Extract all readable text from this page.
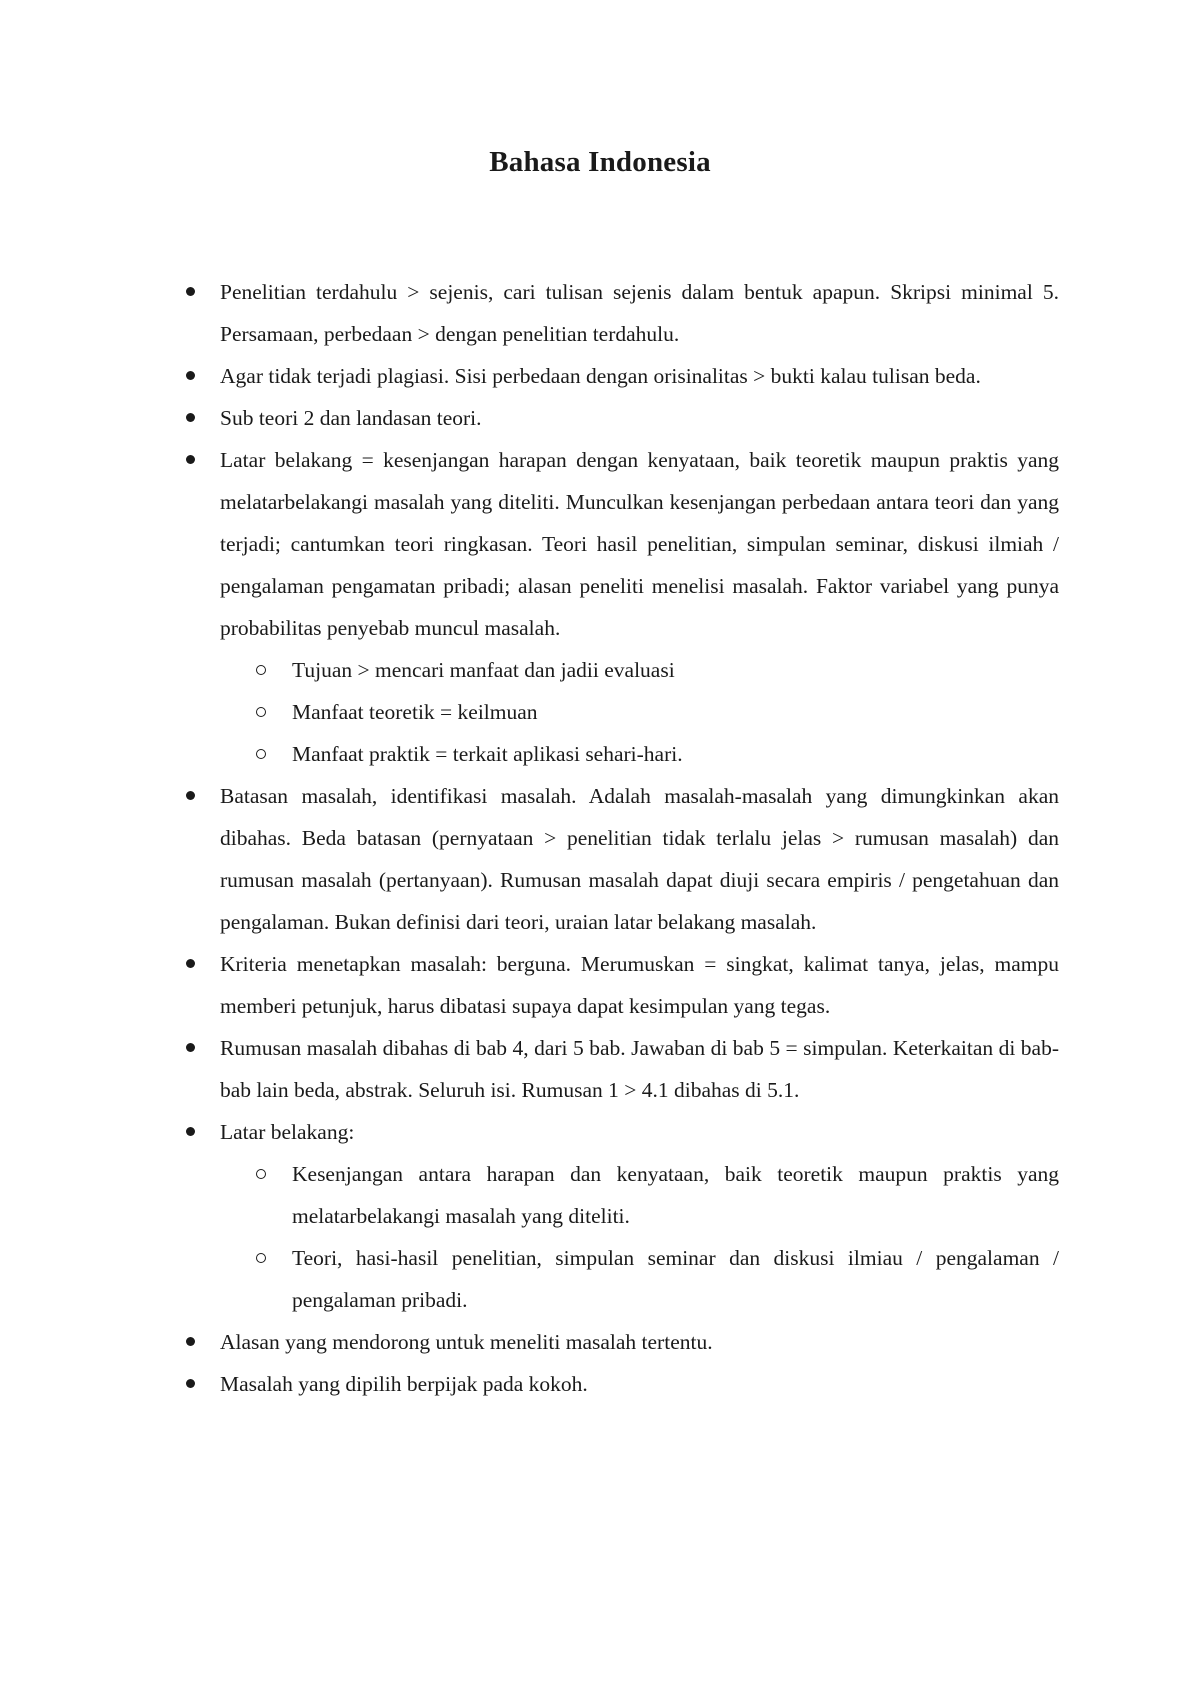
Bahasa Indonesia
Penelitian terdahulu > sejenis, cari tulisan sejenis dalam bentuk apapun. Skripsi minimal 5. Persamaan, perbedaan > dengan penelitian terdahulu.
Agar tidak terjadi plagiasi. Sisi perbedaan dengan orisinalitas > bukti kalau tulisan beda.
Sub teori 2 dan landasan teori.
Latar belakang = kesenjangan harapan dengan kenyataan, baik teoretik maupun praktis yang melatarbelakangi masalah yang diteliti. Munculkan kesenjangan perbedaan antara teori dan yang terjadi; cantumkan teori ringkasan. Teori hasil penelitian, simpulan seminar, diskusi ilmiah / pengalaman pengamatan pribadi; alasan peneliti menelisi masalah. Faktor variabel yang punya probabilitas penyebab muncul masalah.
Tujuan > mencari manfaat dan jadii evaluasi
Manfaat teoretik = keilmuan
Manfaat praktik = terkait aplikasi sehari-hari.
Batasan masalah, identifikasi masalah. Adalah masalah-masalah yang dimungkinkan akan dibahas. Beda batasan (pernyataan > penelitian tidak terlalu jelas > rumusan masalah) dan rumusan masalah (pertanyaan). Rumusan masalah dapat diuji secara empiris / pengetahuan dan pengalaman. Bukan definisi dari teori, uraian latar belakang masalah.
Kriteria menetapkan masalah: berguna. Merumuskan = singkat, kalimat tanya, jelas, mampu memberi petunjuk, harus dibatasi supaya dapat kesimpulan yang tegas.
Rumusan masalah dibahas di bab 4, dari 5 bab. Jawaban di bab 5 = simpulan. Keterkaitan di bab-bab lain beda, abstrak. Seluruh isi. Rumusan 1 > 4.1 dibahas di 5.1.
Latar belakang:
Kesenjangan antara harapan dan kenyataan, baik teoretik maupun praktis yang melatarbelakangi masalah yang diteliti.
Teori, hasi-hasil penelitian, simpulan seminar dan diskusi ilmiau / pengalaman / pengalaman pribadi.
Alasan yang mendorong untuk meneliti masalah tertentu.
Masalah yang dipilih berpijak pada kokoh.
